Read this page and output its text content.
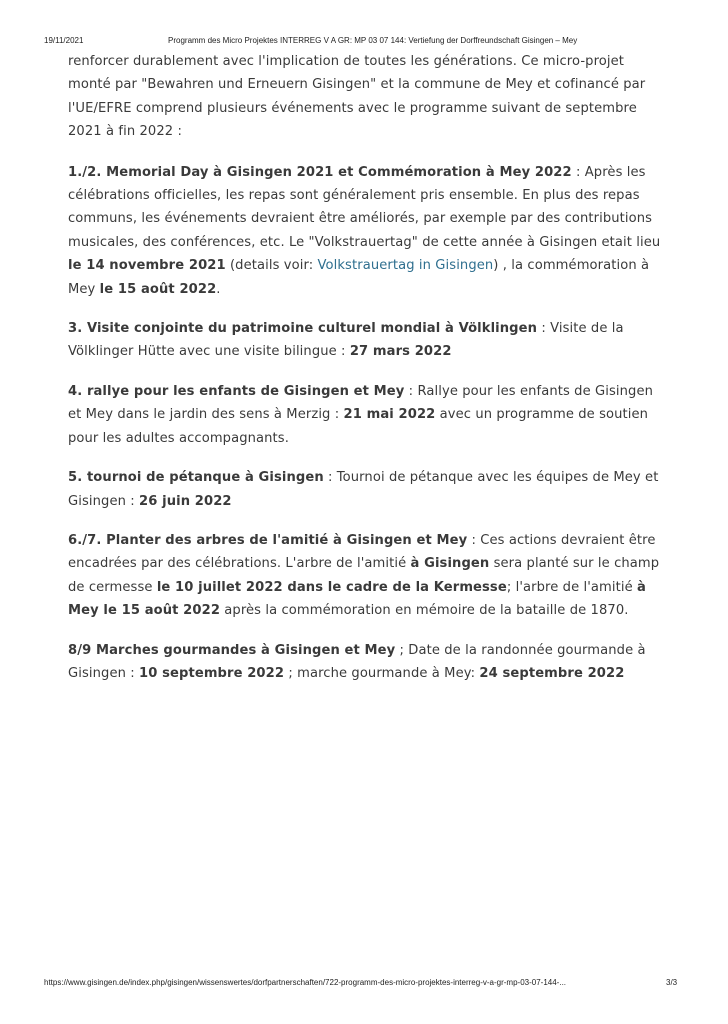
19/11/2021	Programm des Micro Projektes INTERREG V A GR: MP 03 07 144: Vertiefung der Dorffreundschaft Gisingen – Mey

renforcer durablement avec l'implication de toutes les générations. Ce micro-projet
monté par "Bewahren und Erneuern Gisingen" et la commune de Mey et cofinancé par
l'UE/EFRE comprend plusieurs événements avec le programme suivant de septembre
2021 à fin 2022 :

1./2. Memorial Day à Gisingen 2021 et Commémoration à Mey 2022 : Après les célébrations officielles, les repas sont généralement pris ensemble. En plus des repas communs, les événements devraient être améliorés, par exemple par des contributions musicales, des conférences, etc. Le "Volkstrauertag" de cette année à Gisingen etait lieu le 14 novembre 2021 (details voir: Volkstrauertag in Gisingen) , la commémoration à Mey le 15 août 2022.

3. Visite conjointe du patrimoine culturel mondial à Völklingen : Visite de la Völklinger Hütte avec une visite bilingue : 27 mars 2022

4. rallye pour les enfants de Gisingen et Mey : Rallye pour les enfants de Gisingen et Mey dans le jardin des sens à Merzig : 21 mai 2022 avec un programme de soutien pour les adultes accompagnants.

5. tournoi de pétanque à Gisingen : Tournoi de pétanque avec les équipes de Mey et Gisingen : 26 juin 2022

6./7. Planter des arbres de l'amitié à Gisingen et Mey : Ces actions devraient être encadrées par des célébrations. L'arbre de l'amitié à Gisingen sera planté sur le champ de cermesse le 10 juillet 2022 dans le cadre de la Kermesse; l'arbre de l'amitié à Mey le 15 août 2022 après la commémoration en mémoire de la bataille de 1870.

8/9 Marches gourmandes à Gisingen et Mey ; Date de la randonnée gourmande à Gisingen : 10 septembre 2022 ; marche gourmande à Mey: 24 septembre 2022

https://www.gisingen.de/index.php/gisingen/wissenswertes/dorfpartnerschaften/722-programm-des-micro-projektes-interreg-v-a-gr-mp-03-07-144-...	3/3
